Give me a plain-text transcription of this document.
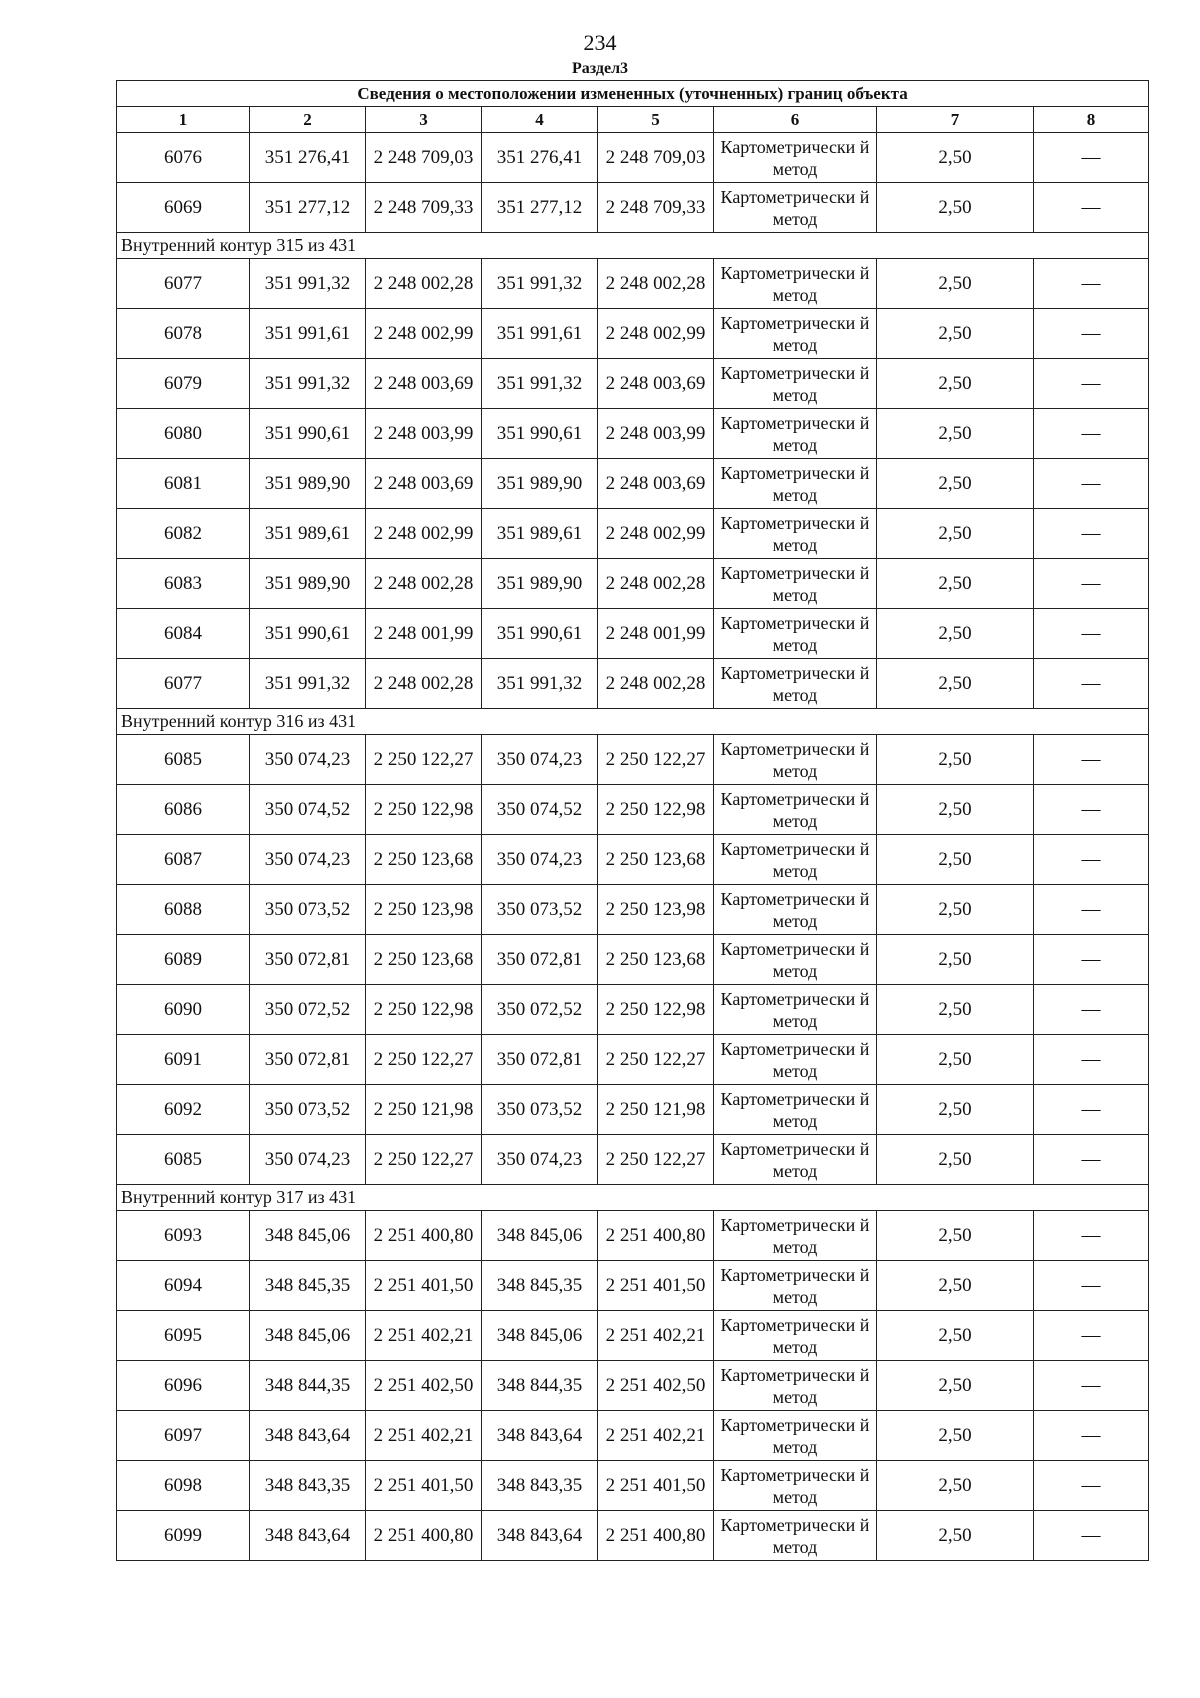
234
Раздел3
Сведения о местоположении измененных (уточненных) границ объекта							
1	2	3	4	5	6	7	8
6076	351 276,41	2 248 709,03	351 276,41	2 248 709,03	Картометрически й метод	2,50	—
6069	351 277,12	2 248 709,33	351 277,12	2 248 709,33	Картометрически й метод	2,50	—
Внутренний контур 315 из 431							
6077	351 991,32	2 248 002,28	351 991,32	2 248 002,28	Картометрически й метод	2,50	—
6078	351 991,61	2 248 002,99	351 991,61	2 248 002,99	Картометрически й метод	2,50	—
6079	351 991,32	2 248 003,69	351 991,32	2 248 003,69	Картометрически й метод	2,50	—
6080	351 990,61	2 248 003,99	351 990,61	2 248 003,99	Картометрически й метод	2,50	—
6081	351 989,90	2 248 003,69	351 989,90	2 248 003,69	Картометрически й метод	2,50	—
6082	351 989,61	2 248 002,99	351 989,61	2 248 002,99	Картометрически й метод	2,50	—
6083	351 989,90	2 248 002,28	351 989,90	2 248 002,28	Картометрически й метод	2,50	—
6084	351 990,61	2 248 001,99	351 990,61	2 248 001,99	Картометрически й метод	2,50	—
6077	351 991,32	2 248 002,28	351 991,32	2 248 002,28	Картометрически й метод	2,50	—
Внутренний контур 316 из 431							
6085	350 074,23	2 250 122,27	350 074,23	2 250 122,27	Картометрически й метод	2,50	—
6086	350 074,52	2 250 122,98	350 074,52	2 250 122,98	Картометрически й метод	2,50	—
6087	350 074,23	2 250 123,68	350 074,23	2 250 123,68	Картометрически й метод	2,50	—
6088	350 073,52	2 250 123,98	350 073,52	2 250 123,98	Картометрически й метод	2,50	—
6089	350 072,81	2 250 123,68	350 072,81	2 250 123,68	Картометрически й метод	2,50	—
6090	350 072,52	2 250 122,98	350 072,52	2 250 122,98	Картометрически й метод	2,50	—
6091	350 072,81	2 250 122,27	350 072,81	2 250 122,27	Картометрически й метод	2,50	—
6092	350 073,52	2 250 121,98	350 073,52	2 250 121,98	Картометрически й метод	2,50	—
6085	350 074,23	2 250 122,27	350 074,23	2 250 122,27	Картометрически й метод	2,50	—
Внутренний контур 317 из 431							
6093	348 845,06	2 251 400,80	348 845,06	2 251 400,80	Картометрически й метод	2,50	—
6094	348 845,35	2 251 401,50	348 845,35	2 251 401,50	Картометрически й метод	2,50	—
6095	348 845,06	2 251 402,21	348 845,06	2 251 402,21	Картометрически й метод	2,50	—
6096	348 844,35	2 251 402,50	348 844,35	2 251 402,50	Картометрически й метод	2,50	—
6097	348 843,64	2 251 402,21	348 843,64	2 251 402,21	Картометрически й метод	2,50	—
6098	348 843,35	2 251 401,50	348 843,35	2 251 401,50	Картометрически й метод	2,50	—
6099	348 843,64	2 251 400,80	348 843,64	2 251 400,80	Картометрически й метод	2,50	—
